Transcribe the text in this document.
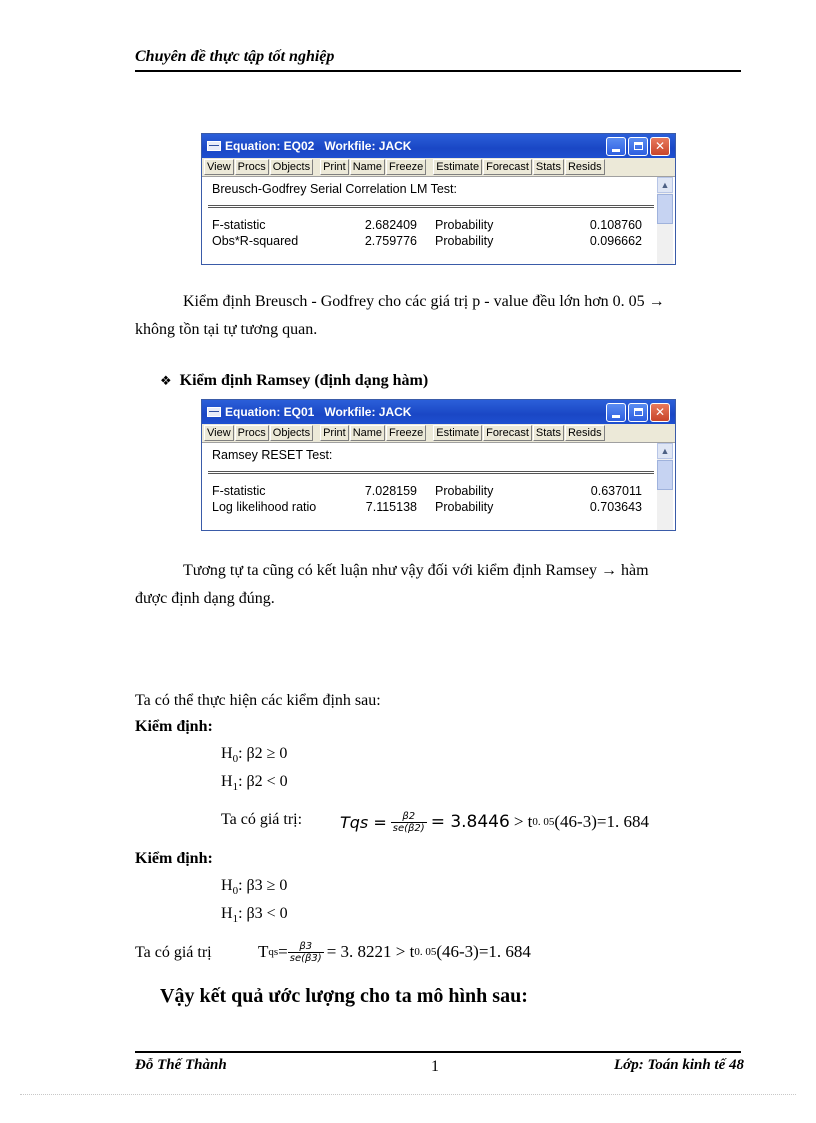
Chuyên đề thực tập tốt nghiệp
Equation: EQ02   Workfile: JACK	✕
View Procs Objects Print Name Freeze Estimate Forecast Stats Resids
Breusch-Godfrey Serial Correlation LM Test:
F-statistic	2.682409 Probability	0.108760
Obs*R-squared	2.759776 Probability	0.096662
▲
Kiểm định Breusch - Godfrey cho các giá trị p - value đều lớn hơn 0. 05 →
không tồn tại tự tương quan.
❖ Kiểm định Ramsey (định dạng hàm)
Equation: EQ01   Workfile: JACK	✕
View Procs Objects Print Name Freeze Estimate Forecast Stats Resids
Ramsey RESET Test:
F-statistic	7.028159 Probability	0.637011
Log likelihood ratio	7.115138 Probability	0.703643
▲
Tương tự ta cũng có kết luận như vậy đối với kiểm định Ramsey → hàm
được định dạng đúng.
Ta có thể thực hiện các kiểm định sau:
Kiểm định:
$H_0$: β2 ≥ 0
$H_1$: β2 < 0
Ta có giá trị: Tqs = $\frac{\beta 2}{se(\beta 2)} = 3.8446 > t$ 0. 05 (46-3)=1. 684
Kiểm định:
$H_0$: β3 ≥ 0
$H_1$: β3 < 0
Ta có giá trị	T qs = $\frac{\beta 3}{se(\beta 3)} = 3$. 8221 > t 0. 05 (46-3)=1. 684
Vậy kết quả ước lượng cho ta mô hình sau:
Đỗ Thế Thành	1	Lớp: Toán kinh tế 48
